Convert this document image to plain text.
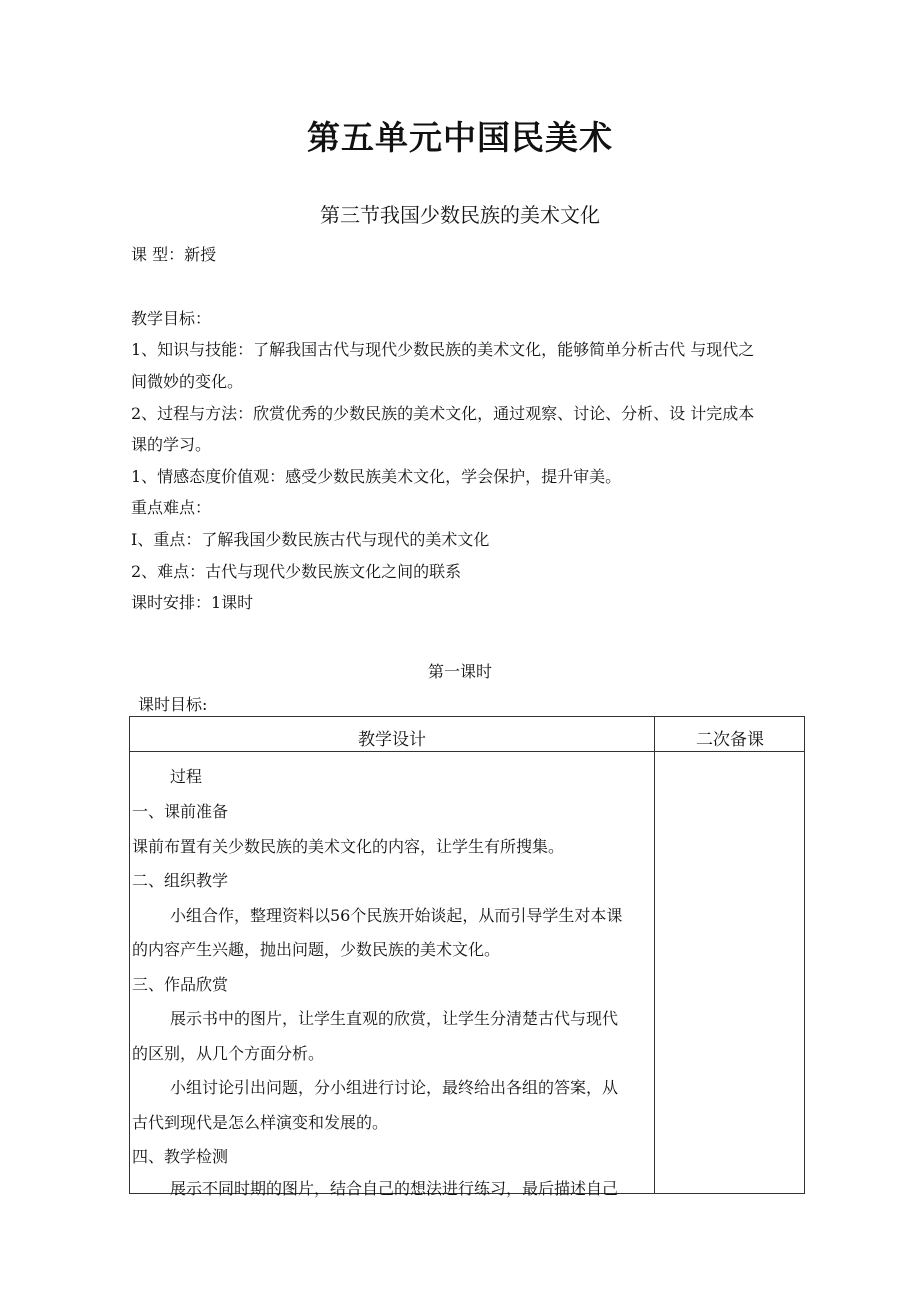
第五单元中国民美术
第三节我国少数民族的美术文化
课 型：新授
教学目标：
1、知识与技能：了解我国古代与现代少数民族的美术文化，能够简单分析古代 与现代之
间微妙的变化。
2、过程与方法：欣赏优秀的少数民族的美术文化，通过观察、讨论、分析、设 计完成本
课的学习。
1、情感态度价值观：感受少数民族美术文化，学会保护，提升审美。
重点难点：
I、重点：了解我国少数民族古代与现代的美术文化
2、难点：古代与现代少数民族文化之间的联系
课时安排：1课时
第一课时
课时目标:
教学设计	二次备课
过程
一、课前准备
课前布置有关少数民族的美术文化的内容，让学生有所搜集。
二、组织教学
小组合作，整理资料以56个民族开始谈起，从而引导学生对本课
的内容产生兴趣，抛出问题，少数民族的美术文化。
三、作品欣赏
展示书中的图片，让学生直观的欣赏，让学生分清楚古代与现代
的区别，从几个方面分析。
小组讨论引出问题，分小组进行讨论，最终给出各组的答案，从
古代到现代是怎么样演变和发展的。
四、教学检测
展示不同时期的图片，结合自己的想法进行练习，最后描述自己
